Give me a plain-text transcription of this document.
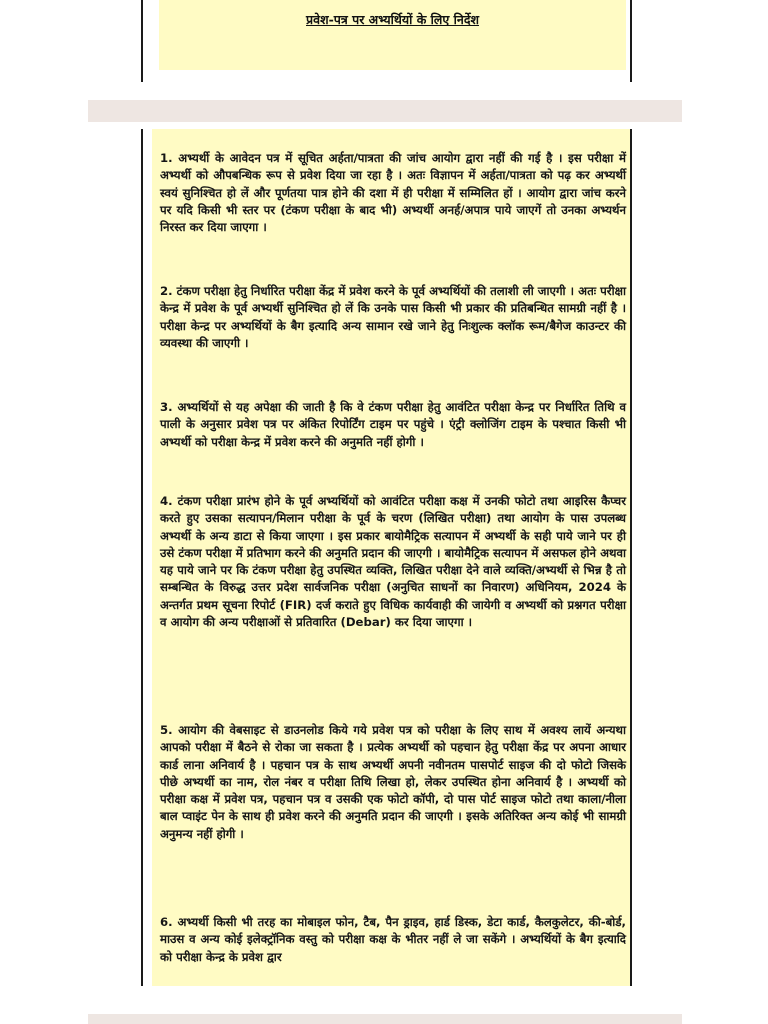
प्रवेश-पत्र पर अभ्यर्थियों के लिए निर्देश

1. अभ्यर्थी के आवेदन पत्र में सूचित अर्हता/पात्रता की जांच आयोग द्वारा नहीं की गई है । इस परीक्षा में अभ्यर्थी को औपबन्धिक रूप से प्रवेश दिया जा रहा है । अतः विज्ञापन में अर्हता/पात्रता को पढ़ कर अभ्यर्थी स्वयं सुनिश्चित हो लें और पूर्णतया पात्र होने की दशा में ही परीक्षा में सम्मिलित हों । आयोग द्वारा जांच करने पर यदि किसी भी स्तर पर (टंकण परीक्षा के बाद भी) अभ्यर्थी अनर्ह/अपात्र पाये जाएगें तो उनका अभ्यर्थन निरस्त कर दिया जाएगा ।

2. टंकण परीक्षा हेतु निर्धारित परीक्षा केंद्र में प्रवेश करने के पूर्व अभ्यर्थियों की तलाशी ली जाएगी । अतः परीक्षा केन्द्र में प्रवेश के पूर्व अभ्यर्थी सुनिश्चित हो लें कि उनके पास किसी भी प्रकार की प्रतिबन्धित सामग्री नहीं है । परीक्षा केन्द्र पर अभ्यर्थियों के बैग इत्यादि अन्य सामान रखे जाने हेतु निःशुल्क क्लॉक रूम/बैगेज काउन्टर की व्यवस्था की जाएगी ।

3. अभ्यर्थियों से यह अपेक्षा की जाती है कि वे टंकण परीक्षा हेतु आवंटित परीक्षा केन्द्र पर निर्धारित तिथि व पाली के अनुसार प्रवेश पत्र पर अंकित रिपोर्टिंग टाइम पर पहुंचे । एंट्री क्लोजिंग टाइम के पश्चात किसी भी अभ्यर्थी को परीक्षा केन्द्र में प्रवेश करने की अनुमति नहीं होगी ।

4. टंकण परीक्षा प्रारंभ होने के पूर्व अभ्यर्थियों को आवंटित परीक्षा कक्ष में उनकी फोटो तथा आइरिस कैप्चर करते हुए उसका सत्यापन/मिलान परीक्षा के पूर्व के चरण (लिखित परीक्षा) तथा आयोग के पास उपलब्ध अभ्यर्थी के अन्य डाटा से किया जाएगा । इस प्रकार बायोमैट्रिक सत्यापन में अभ्यर्थी के सही पाये जाने पर ही उसे टंकण परीक्षा में प्रतिभाग करने की अनुमति प्रदान की जाएगी । बायोमैट्रिक सत्यापन में असफल होने अथवा यह पाये जाने पर कि टंकण परीक्षा हेतु उपस्थित व्यक्ति, लिखित परीक्षा देने वाले व्यक्ति/अभ्यर्थी से भिन्न है तो सम्बन्धित के विरुद्ध उत्तर प्रदेश सार्वजनिक परीक्षा (अनुचित साधनों का निवारण) अधिनियम, 2024 के अन्तर्गत प्रथम सूचना रिपोर्ट (FIR) दर्ज कराते हुए विधिक कार्यवाही की जायेगी व अभ्यर्थी को प्रश्नगत परीक्षा व आयोग की अन्य परीक्षाओं से प्रतिवारित (Debar) कर दिया जाएगा ।

5. आयोग की वेबसाइट से डाउनलोड किये गये प्रवेश पत्र को परीक्षा के लिए साथ में अवश्य लायें अन्यथा आपको परीक्षा में बैठने से रोका जा सकता है । प्रत्येक अभ्यर्थी को पहचान हेतु परीक्षा केंद्र पर अपना आधार कार्ड लाना अनिवार्य है । पहचान पत्र के साथ अभ्यर्थी अपनी नवीनतम पासपोर्ट साइज की दो फोटो जिसके पीछे अभ्यर्थी का नाम, रोल नंबर व परीक्षा तिथि लिखा हो, लेकर उपस्थित होना अनिवार्य है । अभ्यर्थी को परीक्षा कक्ष में प्रवेश पत्र, पहचान पत्र व उसकी एक फोटो कॉपी, दो पास पोर्ट साइज फोटो तथा काला/नीला बाल प्वाइंट पेन के साथ ही प्रवेश करने की अनुमति प्रदान की जाएगी । इसके अतिरिक्त अन्य कोई भी सामग्री अनुमन्य नहीं होगी ।

6. अभ्यर्थी किसी भी तरह का मोबाइल फोन, टैब, पैन ड्राइव, हार्ड डिस्क, डेटा कार्ड, कैलकुलेटर, की-बोर्ड, माउस व अन्य कोई इलेक्ट्रॉनिक वस्तु को परीक्षा कक्ष के भीतर नहीं ले जा सकेंगे । अभ्यर्थियों के बैग इत्यादि को परीक्षा केन्द्र के प्रवेश द्वार
